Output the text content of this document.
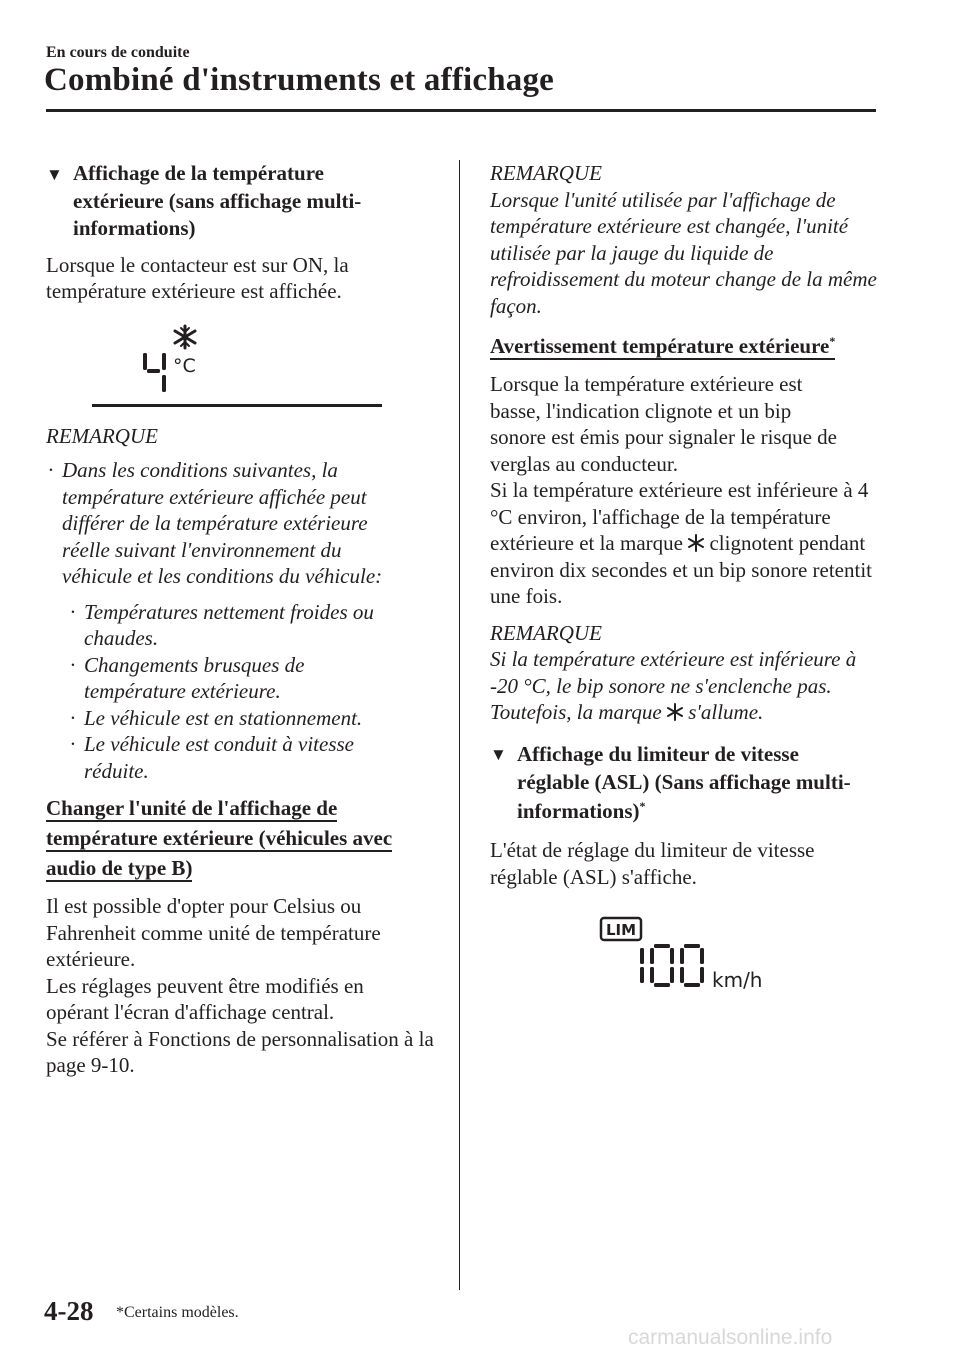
En cours de conduite
Combiné d'instruments et affichage
▼ Affichage de la température extérieure (sans affichage multi-informations)

Lorsque le contacteur est sur ON, la température extérieure est affichée.

°C
REMARQUE
· Dans les conditions suivantes, la température extérieure affichée peut différer de la température extérieure réelle suivant l'environnement du véhicule et les conditions du véhicule:
· Températures nettement froides ou chaudes.
· Changements brusques de température extérieure.
· Le véhicule est en stationnement.
· Le véhicule est conduit à vitesse réduite.
Changer l'unité de l'affichage de température extérieure (véhicules avec audio de type B)

Il est possible d'opter pour Celsius ou Fahrenheit comme unité de température extérieure.

Les réglages peuvent être modifiés en opérant l'écran d'affichage central.

Se référer à Fonctions de personnalisation à la page 9-10.

REMARQUE

Lorsque l'unité utilisée par l'affichage de température extérieure est changée, l'unité utilisée par la jauge du liquide de refroidissement du moteur change de la même façon.

Avertissement température extérieure*

Lorsque la température extérieure est basse, l'indication clignote et un bip sonore est émis pour signaler le risque de verglas au conducteur.

Si la température extérieure est inférieure à 4 °C environ, l'affichage de la température extérieure et la marque clignotent pendant environ dix secondes et un bip sonore retentit une fois.

REMARQUE

Si la température extérieure est inférieure à -20 °C, le bip sonore ne s'enclenche pas. Toutefois, la marque s'allume.

▼ Affichage du limiteur de vitesse réglable (ASL) (Sans affichage multi-informations)*

L'état de réglage du limiteur de vitesse réglable (ASL) s'affiche.

LIM
km/h
4-28 *Certains modèles.
carmanualsonline.info
